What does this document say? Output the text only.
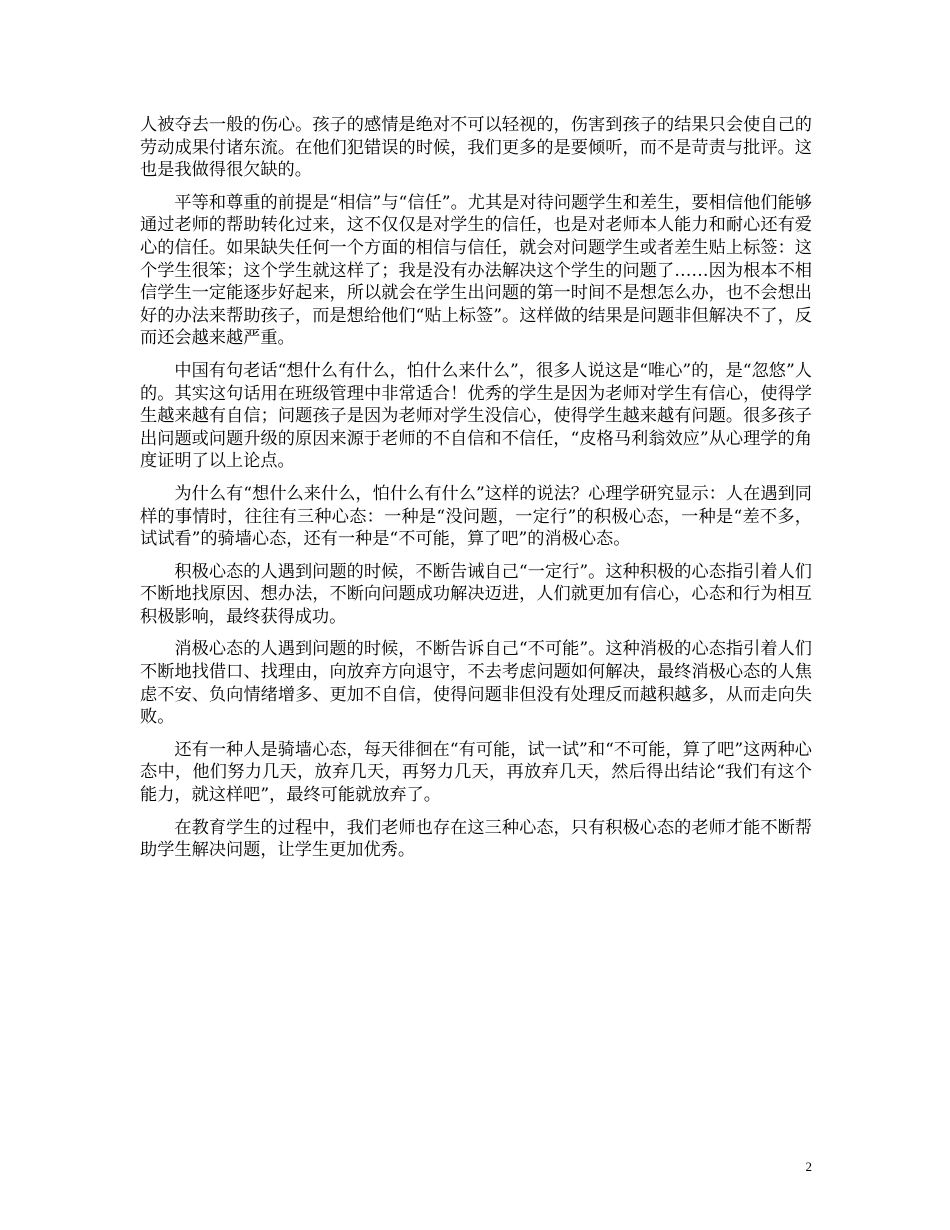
人被夺去一般的伤心。孩子的感情是绝对不可以轻视的，伤害到孩子的结果只会使自己的劳动成果付诸东流。在他们犯错误的时候，我们更多的是要倾听，而不是苛责与批评。这也是我做得很欠缺的。

平等和尊重的前提是“相信”与“信任”。尤其是对待问题学生和差生，要相信他们能够通过老师的帮助转化过来，这不仅仅是对学生的信任，也是对老师本人能力和耐心还有爱心的信任。如果缺失任何一个方面的相信与信任，就会对问题学生或者差生贴上标签：这个学生很笨；这个学生就这样了；我是没有办法解决这个学生的问题了……因为根本不相信学生一定能逐步好起来，所以就会在学生出问题的第一时间不是想怎么办，也不会想出好的办法来帮助孩子，而是想给他们“贴上标签”。这样做的结果是问题非但解决不了，反而还会越来越严重。

中国有句老话“想什么有什么，怕什么来什么”，很多人说这是“唯心”的，是“忽悠”人的。其实这句话用在班级管理中非常适合！优秀的学生是因为老师对学生有信心，使得学生越来越有自信；问题孩子是因为老师对学生没信心，使得学生越来越有问题。很多孩子出问题或问题升级的原因来源于老师的不自信和不信任，“皮格马利翁效应”从心理学的角度证明了以上论点。

为什么有“想什么来什么，怕什么有什么”这样的说法？心理学研究显示：人在遇到同样的事情时，往往有三种心态：一种是“没问题，一定行”的积极心态，一种是“差不多，试试看”的骑墙心态，还有一种是“不可能，算了吧”的消极心态。

积极心态的人遇到问题的时候，不断告诫自己“一定行”。这种积极的心态指引着人们不断地找原因、想办法，不断向问题成功解决迈进，人们就更加有信心，心态和行为相互积极影响，最终获得成功。

消极心态的人遇到问题的时候，不断告诉自己“不可能”。这种消极的心态指引着人们不断地找借口、找理由，向放弃方向退守，不去考虑问题如何解决，最终消极心态的人焦虑不安、负向情绪增多、更加不自信，使得问题非但没有处理反而越积越多，从而走向失败。

还有一种人是骑墙心态，每天徘徊在“有可能，试一试”和“不可能，算了吧”这两种心态中，他们努力几天，放弃几天，再努力几天，再放弃几天，然后得出结论“我们有这个能力，就这样吧”，最终可能就放弃了。

在教育学生的过程中，我们老师也存在这三种心态，只有积极心态的老师才能不断帮助学生解决问题，让学生更加优秀。

2
